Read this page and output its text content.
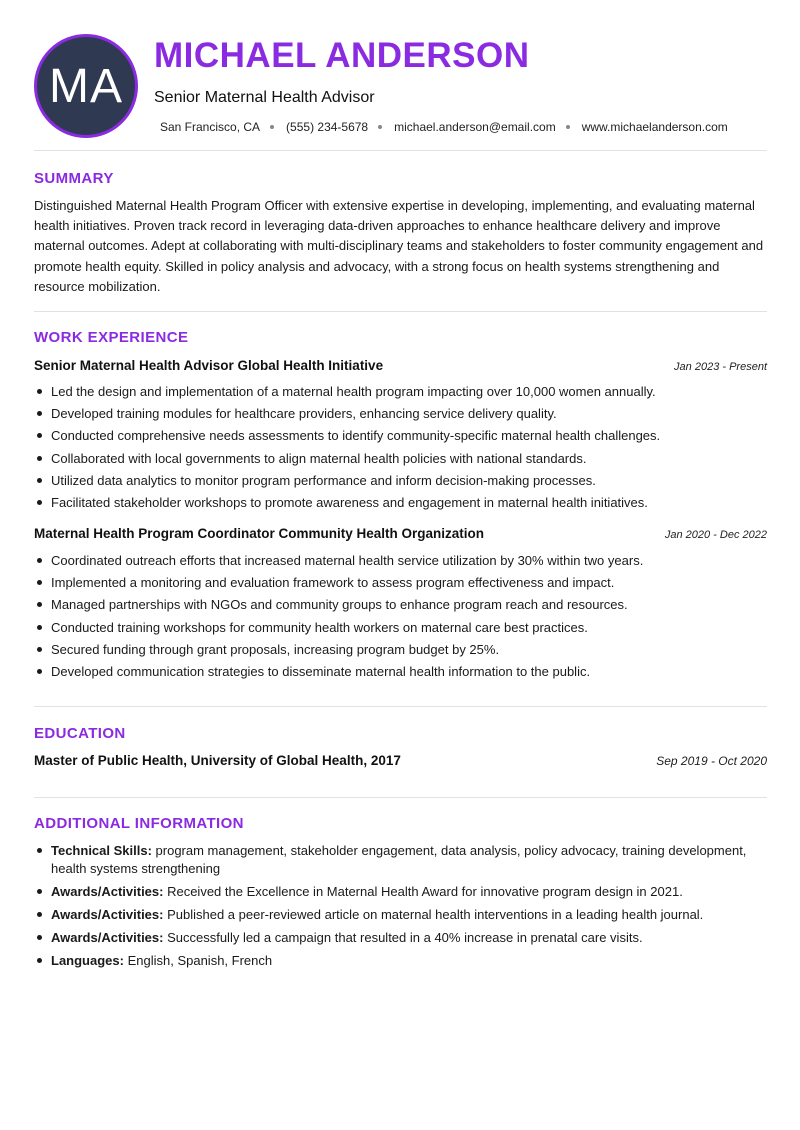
MA
MICHAEL ANDERSON
Senior Maternal Health Advisor
San Francisco, CA (555) 234-5678 michael.anderson@email.com www.michaelanderson.com
SUMMARY
Distinguished Maternal Health Program Officer with extensive expertise in developing, implementing, and evaluating maternal health initiatives. Proven track record in leveraging data-driven approaches to enhance healthcare delivery and improve maternal outcomes. Adept at collaborating with multi-disciplinary teams and stakeholders to foster community engagement and promote health equity. Skilled in policy analysis and advocacy, with a strong focus on health systems strengthening and resource mobilization.
WORK EXPERIENCE
Senior Maternal Health Advisor Global Health Initiative	Jan 2023 - Present
Led the design and implementation of a maternal health program impacting over 10,000 women annually.
Developed training modules for healthcare providers, enhancing service delivery quality.
Conducted comprehensive needs assessments to identify community-specific maternal health challenges.
Collaborated with local governments to align maternal health policies with national standards.
Utilized data analytics to monitor program performance and inform decision-making processes.
Facilitated stakeholder workshops to promote awareness and engagement in maternal health initiatives.
Maternal Health Program Coordinator Community Health Organization	Jan 2020 - Dec 2022
Coordinated outreach efforts that increased maternal health service utilization by 30% within two years.
Implemented a monitoring and evaluation framework to assess program effectiveness and impact.
Managed partnerships with NGOs and community groups to enhance program reach and resources.
Conducted training workshops for community health workers on maternal care best practices.
Secured funding through grant proposals, increasing program budget by 25%.
Developed communication strategies to disseminate maternal health information to the public.
EDUCATION
Master of Public Health, University of Global Health, 2017	Sep 2019 - Oct 2020
ADDITIONAL INFORMATION
Technical Skills: program management, stakeholder engagement, data analysis, policy advocacy, training development, health systems strengthening
Awards/Activities: Received the Excellence in Maternal Health Award for innovative program design in 2021.
Awards/Activities: Published a peer-reviewed article on maternal health interventions in a leading health journal.
Awards/Activities: Successfully led a campaign that resulted in a 40% increase in prenatal care visits.
Languages: English, Spanish, French
